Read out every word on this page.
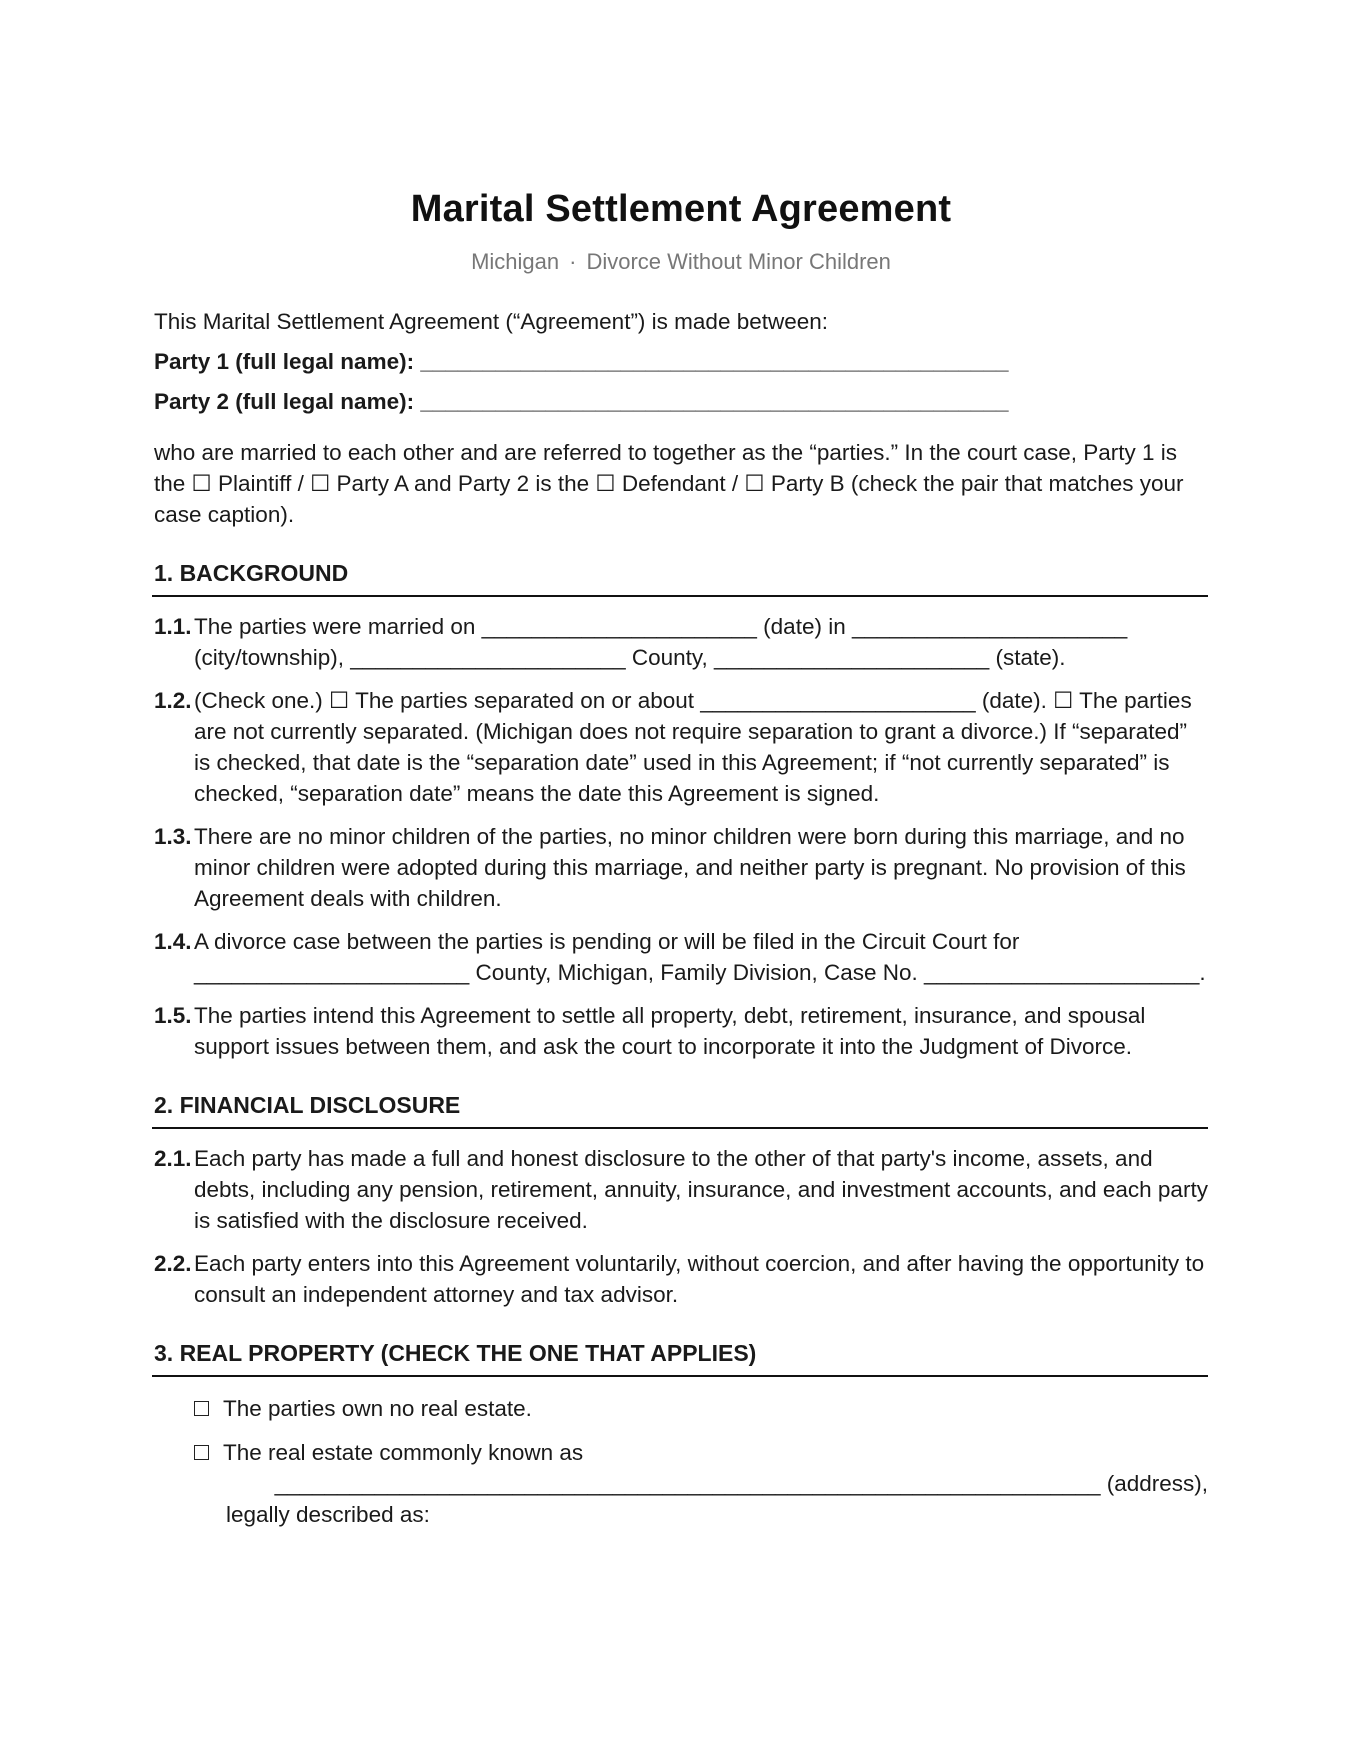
Marital Settlement Agreement
Michigan · Divorce Without Minor Children
This Marital Settlement Agreement (“Agreement”) is made between:
Party 1 (full legal name): _______________________________________________
Party 2 (full legal name): _______________________________________________
who are married to each other and are referred to together as the “parties.” In the court case, Party 1 is the ☐ Plaintiff / ☐ Party A and Party 2 is the ☐ Defendant / ☐ Party B (check the pair that matches your case caption).
1. BACKGROUND
1.1. The parties were married on ______________________ (date) in ______________________ (city/township), ______________________ County, ______________________ (state).
1.2. (Check one.) ☐ The parties separated on or about ______________________ (date). ☐ The parties are not currently separated. (Michigan does not require separation to grant a divorce.) If “separated” is checked, that date is the “separation date” used in this Agreement; if “not currently separated” is checked, “separation date” means the date this Agreement is signed.
1.3. There are no minor children of the parties, no minor children were born during this marriage, and no minor children were adopted during this marriage, and neither party is pregnant. No provision of this Agreement deals with children.
1.4. A divorce case between the parties is pending or will be filed in the Circuit Court for ______________________ County, Michigan, Family Division, Case No. ______________________.
1.5. The parties intend this Agreement to settle all property, debt, retirement, insurance, and spousal support issues between them, and ask the court to incorporate it into the Judgment of Divorce.
2. FINANCIAL DISCLOSURE
2.1. Each party has made a full and honest disclosure to the other of that party's income, assets, and debts, including any pension, retirement, annuity, insurance, and investment accounts, and each party is satisfied with the disclosure received.
2.2. Each party enters into this Agreement voluntarily, without coercion, and after having the opportunity to consult an independent attorney and tax advisor.
3. REAL PROPERTY (CHECK THE ONE THAT APPLIES)
The parties own no real estate.
The real estate commonly known as
__________________________________________________________________ (address),
legally described as:
